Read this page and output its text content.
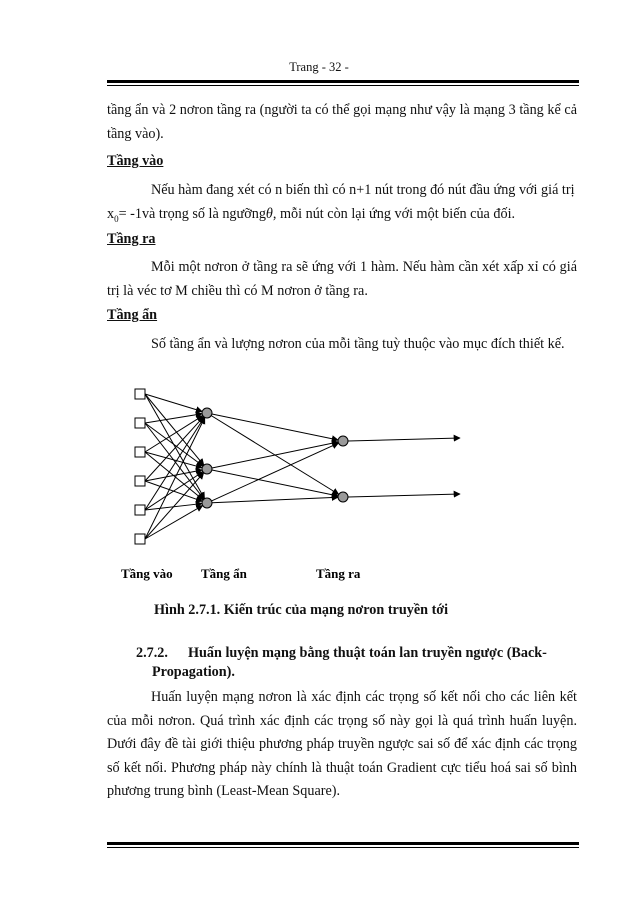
Trang - 32 -
tầng ẩn và 2 nơron tầng ra (người ta có thể gọi mạng như vậy là mạng 3 tầng kể cả tầng vào).
Tầng vào
Nếu hàm đang xét có n biến thì có n+1 nút trong đó nút đầu ứng với giá trị
$x_0=$ -1và trọng số là ngưỡngθ, mỗi nút còn lại ứng với một biến của đối.
Tầng ra
Mỗi một nơron ở tầng ra sẽ ứng với 1 hàm. Nếu hàm cần xét xấp xỉ có giá trị là véc tơ M chiều thì có M nơron ở tầng ra.
Tầng ẩn
Số tầng ẩn và lượng nơron của mỗi tầng tuỳ thuộc vào mục đích thiết kế.
Tầng vào Tầng ẩn	Tầng ra
Hình 2.7.1. Kiến trúc của mạng nơron truyền tới
2.7.2. Huấn luyện mạng bằng thuật toán lan truyền ngược (Back-
Propagation).
Huấn luyện mạng nơron là xác định các trọng số kết nối cho các liên kết của mỗi nơron. Quá trình xác định các trọng số này gọi là quá trình huấn luyện. Dưới đây đề tài giới thiệu phương pháp truyền ngược sai số để xác định các trọng số kết nối. Phương pháp này chính là thuật toán Gradient cực tiểu hoá sai số bình phương trung bình (Least-Mean Square).
